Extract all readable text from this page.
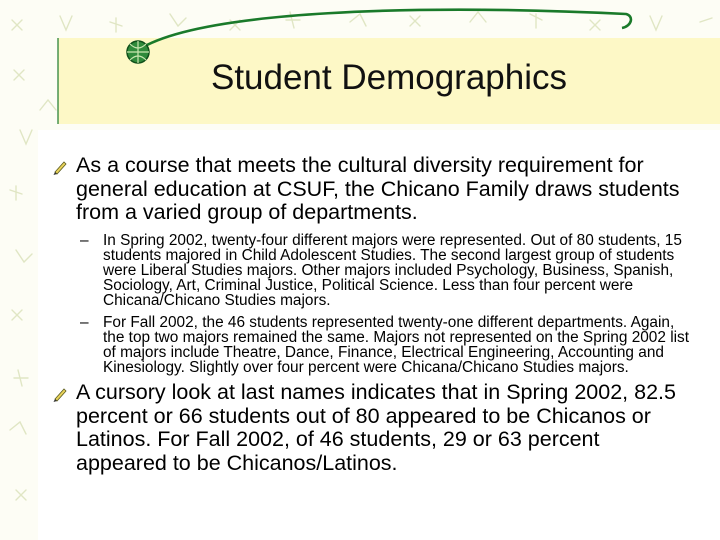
Student Demographics
As a course that meets the cultural diversity requirement for general education at CSUF, the Chicano Family draws students from a varied group of departments.
– In Spring 2002, twenty-four different majors were represented. Out of 80 students, 15 students majored in Child Adolescent Studies. The second largest group of students were Liberal Studies majors. Other majors included Psychology, Business, Spanish, Sociology, Art, Criminal Justice, Political Science. Less than four percent were Chicana/Chicano Studies majors.
– For Fall 2002, the 46 students represented twenty-one different departments. Again, the top two majors remained the same. Majors not represented on the Spring 2002 list of majors include Theatre, Dance, Finance, Electrical Engineering, Accounting and Kinesiology. Slightly over four percent were Chicana/Chicano Studies majors.
A cursory look at last names indicates that in Spring 2002, 82.5 percent or 66 students out of 80 appeared to be Chicanos or Latinos. For Fall 2002, of 46 students, 29 or 63 percent appeared to be Chicanos/Latinos.
